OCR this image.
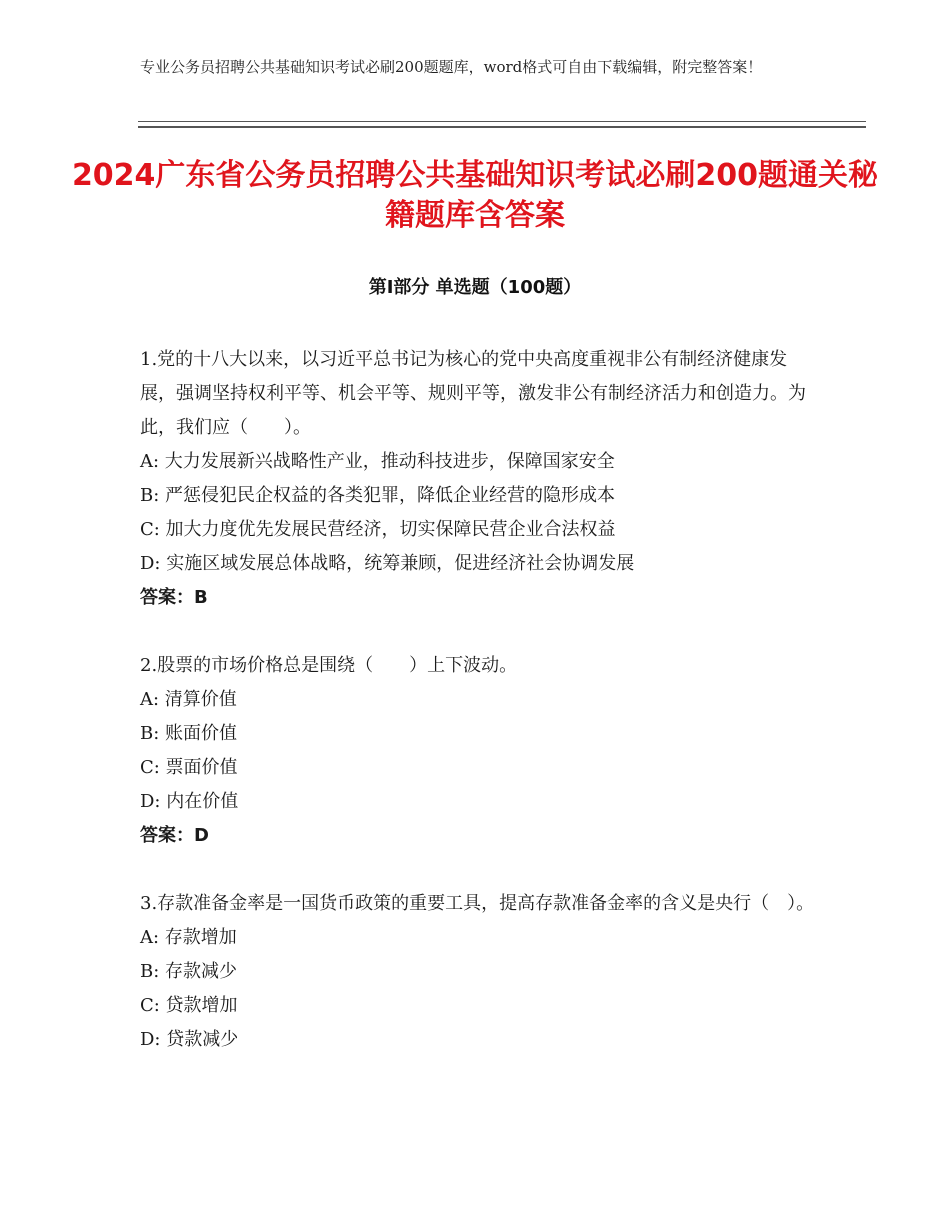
专业公务员招聘公共基础知识考试必刷200题题库，word格式可自由下载编辑，附完整答案！
2024广东省公务员招聘公共基础知识考试必刷200题通关秘籍题库含答案
第Ⅰ部分 单选题（100题）

1.党的十八大以来，以习近平总书记为核心的党中央高度重视非公有制经济健康发展，强调坚持权利平等、机会平等、规则平等，激发非公有制经济活力和创造力。为此，我们应（　　）。

A: 大力发展新兴战略性产业，推动科技进步，保障国家安全

B: 严惩侵犯民企权益的各类犯罪，降低企业经营的隐形成本

C: 加大力度优先发展民营经济，切实保障民营企业合法权益

D: 实施区域发展总体战略，统筹兼顾，促进经济社会协调发展

答案：B

2.股票的市场价格总是围绕（　　）上下波动。

A: 清算价值

B: 账面价值

C: 票面价值

D: 内在价值

答案：D

3.存款准备金率是一国货币政策的重要工具，提高存款准备金率的含义是央行（　）。

A: 存款增加

B: 存款减少

C: 贷款增加

D: 贷款减少
